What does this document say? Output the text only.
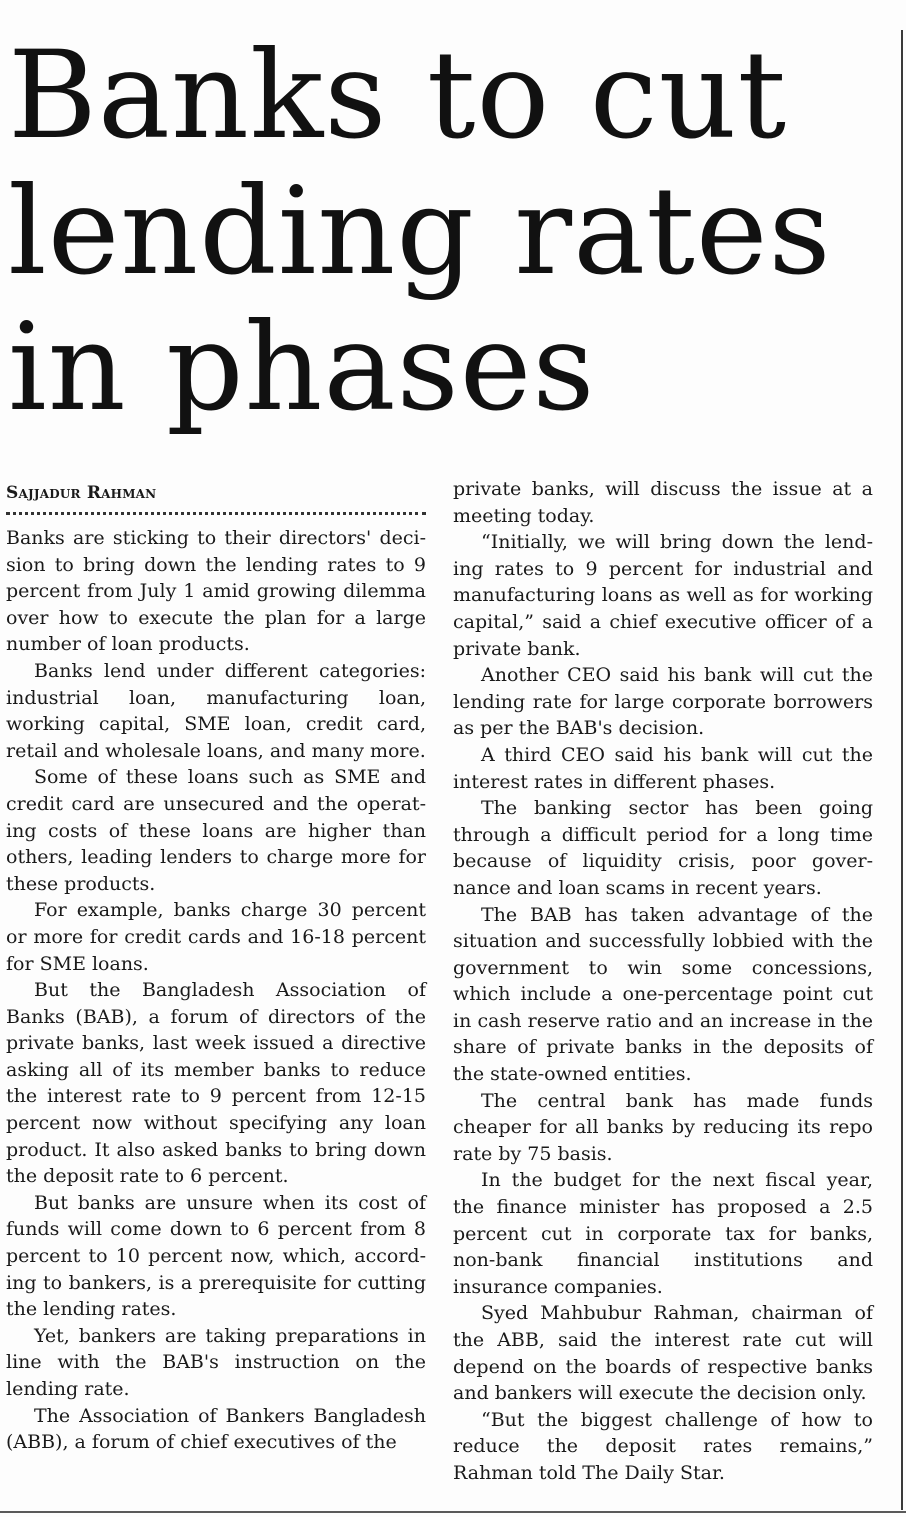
Banks to cut
lending rates
in phases
Sajjadur Rahman

Banks are sticking to their directors' decision to bring down the lending rates to 9 percent from July 1 amid growing dilemma over how to execute the plan for a large number of loan products.

Banks lend under different categories: industrial loan, manufacturing loan, working capital, SME loan, credit card, retail and wholesale loans, and many more.

Some of these loans such as SME and credit card are unsecured and the operating costs of these loans are higher than others, leading lenders to charge more for these products.

For example, banks charge 30 percent or more for credit cards and 16-18 percent for SME loans.

But the Bangladesh Association of Banks (BAB), a forum of directors of the private banks, last week issued a directive asking all of its member banks to reduce the interest rate to 9 percent from 12-15 percent now without specifying any loan product. It also asked banks to bring down the deposit rate to 6 percent.

But banks are unsure when its cost of funds will come down to 6 percent from 8 percent to 10 percent now, which, according to bankers, is a prerequisite for cutting the lending rates.

Yet, bankers are taking preparations in line with the BAB's instruction on the lending rate.

The Association of Bankers Bangladesh (ABB), a forum of chief executives of the

private banks, will discuss the issue at a meeting today.

“Initially, we will bring down the lending rates to 9 percent for industrial and manufacturing loans as well as for working capital,” said a chief executive officer of a private bank.

Another CEO said his bank will cut the lending rate for large corporate borrowers as per the BAB's decision.

A third CEO said his bank will cut the interest rates in different phases.

The banking sector has been going through a difficult period for a long time because of liquidity crisis, poor governance and loan scams in recent years.

The BAB has taken advantage of the situation and successfully lobbied with the government to win some concessions, which include a one-percentage point cut in cash reserve ratio and an increase in the share of private banks in the deposits of the state-owned entities.

The central bank has made funds cheaper for all banks by reducing its repo rate by 75 basis.

In the budget for the next fiscal year, the finance minister has proposed a 2.5 percent cut in corporate tax for banks, non-bank financial institutions and insurance companies.

Syed Mahbubur Rahman, chairman of the ABB, said the interest rate cut will depend on the boards of respective banks and bankers will execute the decision only.

“But the biggest challenge of how to reduce the deposit rates remains,” Rahman told The Daily Star.
